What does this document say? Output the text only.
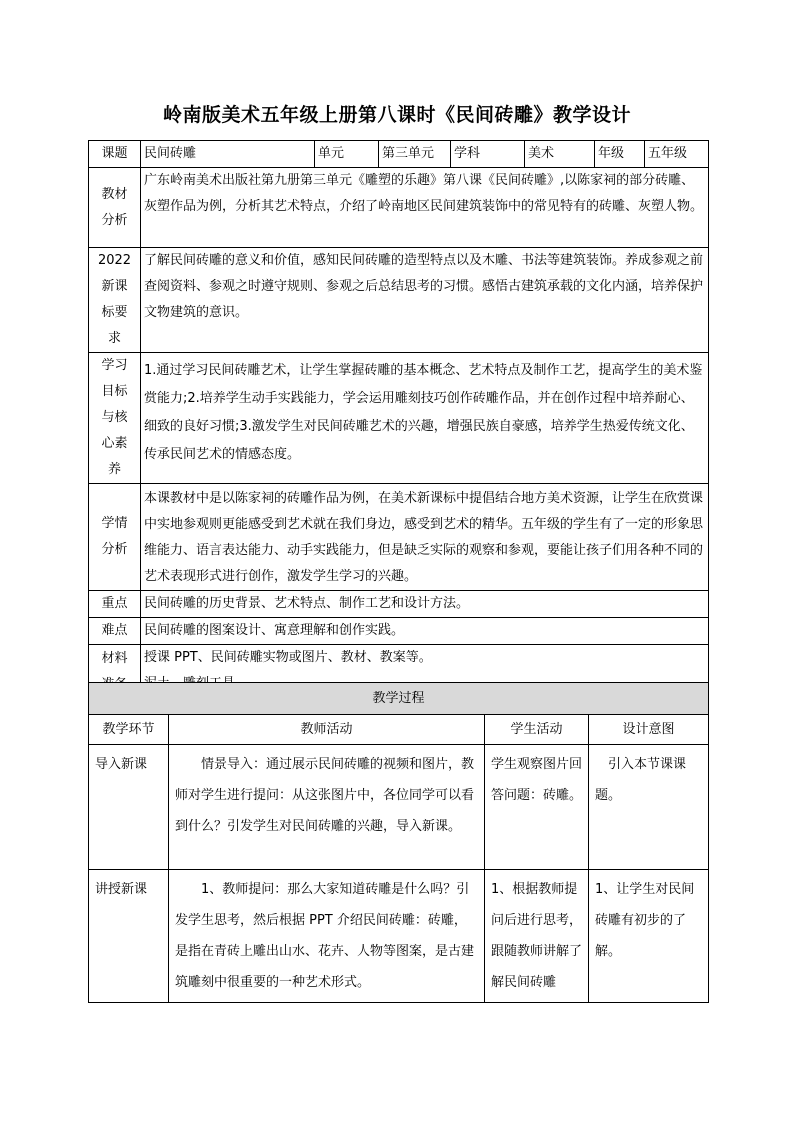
岭南版美术五年级上册第八课时《民间砖雕》教学设计
课题	民间砖雕	单元	第三单元	学科	美术	年级	五年级
教材分析	广东岭南美术出版社第九册第三单元《雕塑的乐趣》第八课《民间砖雕》,以陈家祠的部分砖雕、灰塑作品为例，分析其艺术特点，介绍了岭南地区民间建筑装饰中的常见特有的砖雕、灰塑人物。						
2022新课标要求	了解民间砖雕的意义和价值，感知民间砖雕的造型特点以及木雕、书法等建筑装饰。养成参观之前查阅资料、参观之时遵守规则、参观之后总结思考的习惯。感悟古建筑承载的文化内涵，培养保护文物建筑的意识。						
学习目标与核心素养	1.通过学习民间砖雕艺术，让学生掌握砖雕的基本概念、艺术特点及制作工艺，提高学生的美术鉴赏能力;2.培养学生动手实践能力，学会运用雕刻技巧创作砖雕作品，并在创作过程中培养耐心、细致的良好习惯;3.激发学生对民间砖雕艺术的兴趣，增强民族自豪感，培养学生热爱传统文化、传承民间艺术的情感态度。						
学情分析	本课教材中是以陈家祠的砖雕作品为例，在美术新课标中提倡结合地方美术资源，让学生在欣赏课中实地参观则更能感受到艺术就在我们身边，感受到艺术的精华。五年级的学生有了一定的形象思维能力、语言表达能力、动手实践能力，但是缺乏实际的观察和参观，要能让孩子们用各种不同的艺术表现形式进行创作，激发学生学习的兴趣。						
重点	民间砖雕的历史背景、艺术特点、制作工艺和设计方法。						
难点	民间砖雕的图案设计、寓意理解和创作实践。						
材料	授课 PPT、民间砖雕实物或图片、教材、教案等。						
教学过程			
教学环节	教师活动	学生活动	设计意图
导入新课	情景导入：通过展示民间砖雕的视频和图片，教师对学生进行提问：从这张图片中，各位同学可以看到什么？引发学生对民间砖雕的兴趣，导入新课。	学生观察图片回答问题：砖雕。	引入本节课课题。
讲授新课	1、教师提问：那么大家知道砖雕是什么吗？引发学生思考，然后根据 PPT 介绍民间砖雕：砖雕，是指在青砖上雕出山水、花卉、人物等图案，是古建筑雕刻中很重要的一种艺术形式。	1、根据教师提问后进行思考，跟随教师讲解了解民间砖雕	1、让学生对民间砖雕有初步的了解。
